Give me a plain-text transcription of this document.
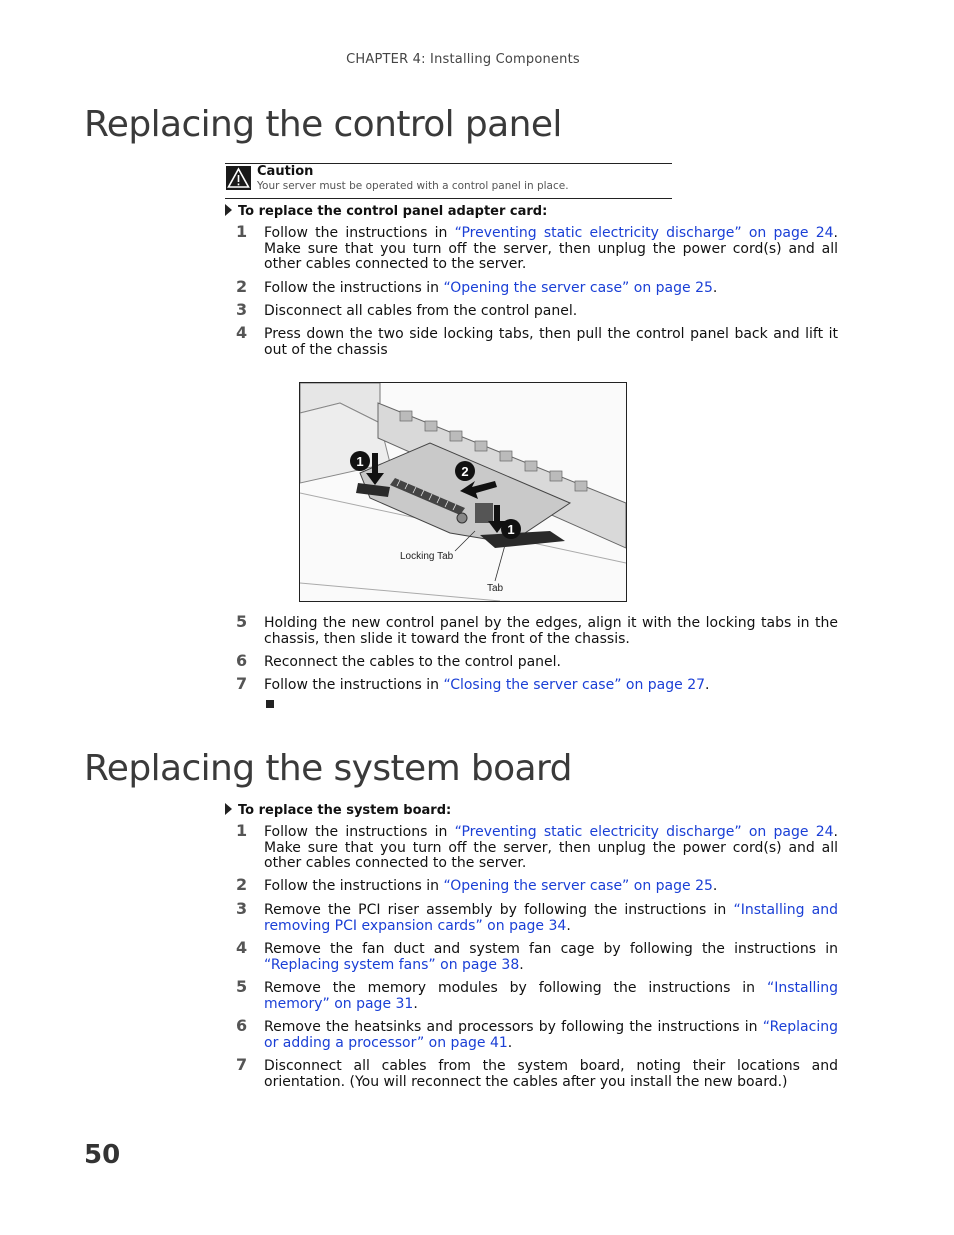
CHAPTER 4: Installing Components
Replacing the control panel
Caution
Your server must be operated with a control panel in place.
To replace the control panel adapter card:
1 Follow the instructions in “Preventing static electricity discharge” on page 24. Make sure that you turn off the server, then unplug the power cord(s) and all other cables connected to the server.
2 Follow the instructions in “Opening the server case” on page 25.
3 Disconnect all cables from the control panel.
4 Press down the two side locking tabs, then pull the control panel back and lift it out of the chassis
5 Holding the new control panel by the edges, align it with the locking tabs in the chassis, then slide it toward the front of the chassis.
6 Reconnect the cables to the control panel.
7 Follow the instructions in “Closing the server case” on page 27.
1
2
1
Locking Tab
Tab
Replacing the system board
To replace the system board:
1 Follow the instructions in “Preventing static electricity discharge” on page 24. Make sure that you turn off the server, then unplug the power cord(s) and all other cables connected to the server.
2 Follow the instructions in “Opening the server case” on page 25.
3 Remove the PCI riser assembly by following the instructions in “Installing and removing PCI expansion cards” on page 34.
4 Remove the fan duct and system fan cage by following the instructions in “Replacing system fans” on page 38.
5 Remove the memory modules by following the instructions in “Installing memory” on page 31.
6 Remove the heatsinks and processors by following the instructions in “Replacing or adding a processor” on page 41.
7 Disconnect all cables from the system board, noting their locations and orientation. (You will reconnect the cables after you install the new board.)
50
